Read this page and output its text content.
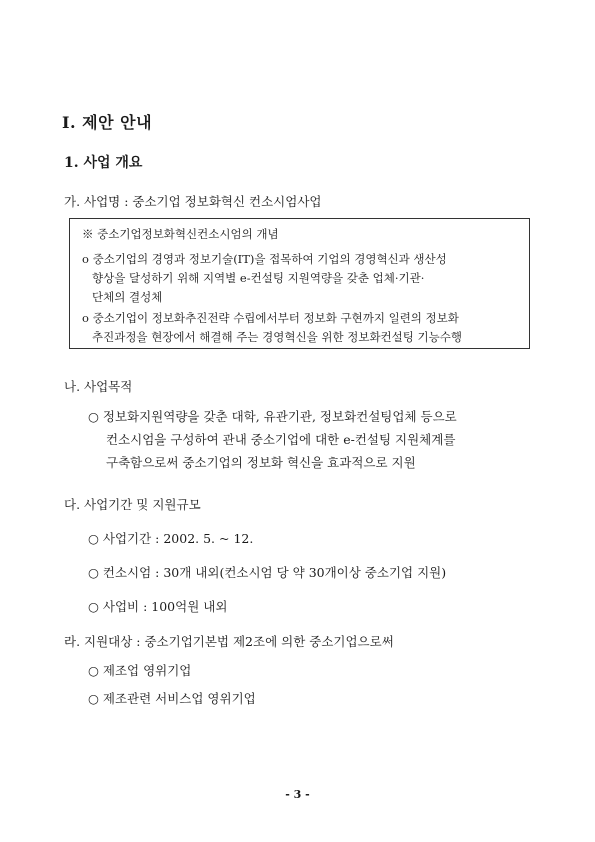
I. 제안 안내
1. 사업 개요
가. 사업명 : 중소기업 정보화혁신 컨소시엄사업
※ 중소기업정보화혁신컨소시엄의 개념
o 중소기업의 경영과 정보기술(IT)을 접목하여 기업의 경영혁신과 생산성
향상을 달성하기 위해 지역별 e-컨설팅 지원역량을 갖춘 업체·기관·
단체의 결성체
o 중소기업이 정보화추진전략 수립에서부터 정보화 구현까지 일련의 정보화
추진과정을 현장에서 해결해 주는 경영혁신을 위한 정보화컨설팅 기능수행
나. 사업목적
○ 정보화지원역량을 갖춘 대학, 유관기관, 정보화컨설팅업체 등으로
컨소시엄을 구성하여 관내 중소기업에 대한 e-컨설팅 지원체계를
구축함으로써 중소기업의 정보화 혁신을 효과적으로 지원
다. 사업기간 및 지원규모
○ 사업기간 : 2002. 5. ~ 12.
○ 컨소시엄 : 30개 내외(컨소시엄 당 약 30개이상 중소기업 지원)
○ 사업비 : 100억원 내외
라. 지원대상 : 중소기업기본법 제2조에 의한 중소기업으로써
○ 제조업 영위기업
○ 제조관련 서비스업 영위기업
- 3 -
